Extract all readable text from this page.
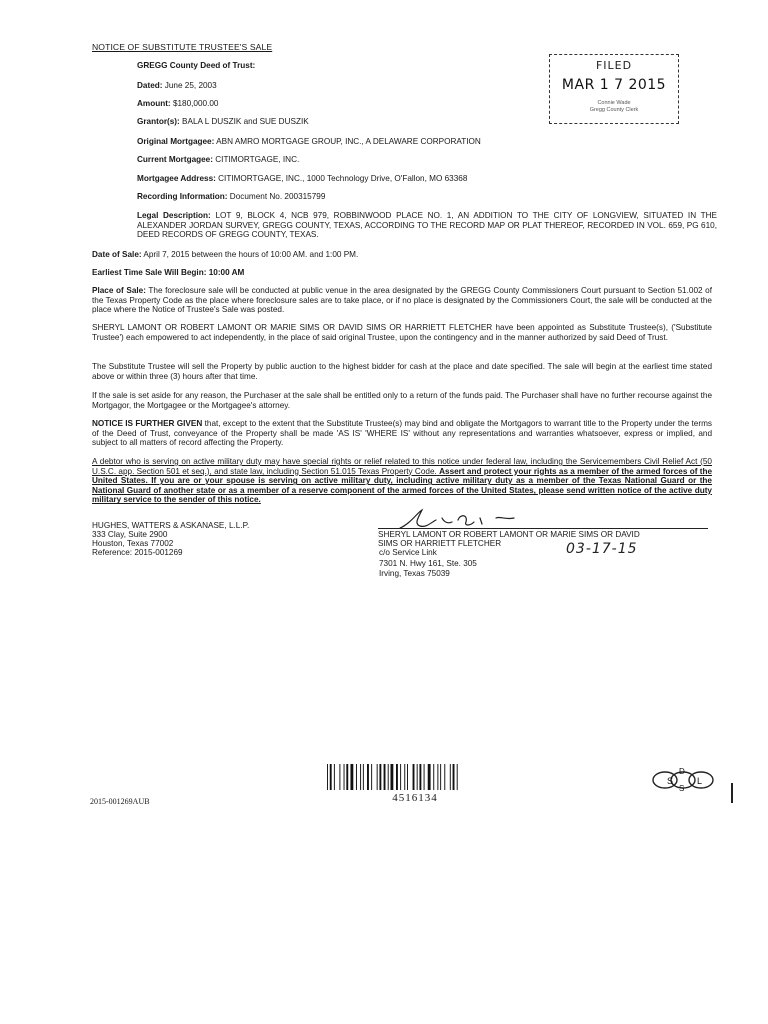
NOTICE OF SUBSTITUTE TRUSTEE'S SALE
FILED
MAR 1 7 2015
Connie Wade
Gregg County Clerk
GREGG County Deed of Trust:
Dated: June 25, 2003
Amount: $180,000.00
Grantor(s): BALA L DUSZIK and SUE DUSZIK
Original Mortgagee: ABN AMRO MORTGAGE GROUP, INC., A DELAWARE CORPORATION
Current Mortgagee: CITIMORTGAGE, INC.
Mortgagee Address: CITIMORTGAGE, INC., 1000 Technology Drive, O'Fallon, MO 63368
Recording Information: Document No. 200315799
Legal Description: LOT 9, BLOCK 4, NCB 979, ROBBINWOOD PLACE NO. 1, AN ADDITION TO THE CITY OF LONGVIEW, SITUATED IN THE ALEXANDER JORDAN SURVEY, GREGG COUNTY, TEXAS, ACCORDING TO THE RECORD MAP OR PLAT THEREOF, RECORDED IN VOL. 659, PG 610, DEED RECORDS OF GREGG COUNTY, TEXAS.
Date of Sale: April 7, 2015 between the hours of 10:00 AM. and 1:00 PM.
Earliest Time Sale Will Begin: 10:00 AM
Place of Sale: The foreclosure sale will be conducted at public venue in the area designated by the GREGG County Commissioners Court pursuant to Section 51.002 of the Texas Property Code as the place where foreclosure sales are to take place, or if no place is designated by the Commissioners Court, the sale will be conducted at the place where the Notice of Trustee's Sale was posted.
SHERYL LAMONT OR ROBERT LAMONT OR MARIE SIMS OR DAVID SIMS OR HARRIETT FLETCHER have been appointed as Substitute Trustee(s), ('Substitute Trustee') each empowered to act independently, in the place of said original Trustee, upon the contingency and in the manner authorized by said Deed of Trust.
The Substitute Trustee will sell the Property by public auction to the highest bidder for cash at the place and date specified. The sale will begin at the earliest time stated above or within three (3) hours after that time.
If the sale is set aside for any reason, the Purchaser at the sale shall be entitled only to a return of the funds paid. The Purchaser shall have no further recourse against the Mortgagor, the Mortgagee or the Mortgagee's attorney.
NOTICE IS FURTHER GIVEN that, except to the extent that the Substitute Trustee(s) may bind and obligate the Mortgagors to warrant title to the Property under the terms of the Deed of Trust, conveyance of the Property shall be made 'AS IS' 'WHERE IS' without any representations and warranties whatsoever, express or implied, and subject to all matters of record affecting the Property.
A debtor who is serving on active military duty may have special rights or relief related to this notice under federal law, including the Servicemembers Civil Relief Act (50 U.S.C. app. Section 501 et seq.), and state law, including Section 51.015 Texas Property Code. Assert and protect your rights as a member of the armed forces of the United States. If you are or your spouse is serving on active military duty, including active military duty as a member of the Texas National Guard or the National Guard of another state or as a member of a reserve component of the armed forces of the United States, please send written notice of the active duty military service to the sender of this notice.
HUGHES, WATTERS & ASKANASE, L.L.P.
333 Clay, Suite 2900
Houston, Texas 77002
Reference: 2015-001269
SHERYL LAMONT OR ROBERT LAMONT OR MARIE SIMS OR DAVID
SIMS OR HARRIETT FLETCHER
c/o Service Link
7301 N. Hwy 161, Ste. 305
Irving, Texas 75039
03-17-15
2015-001269AUB	4516134
S
D
S
L
